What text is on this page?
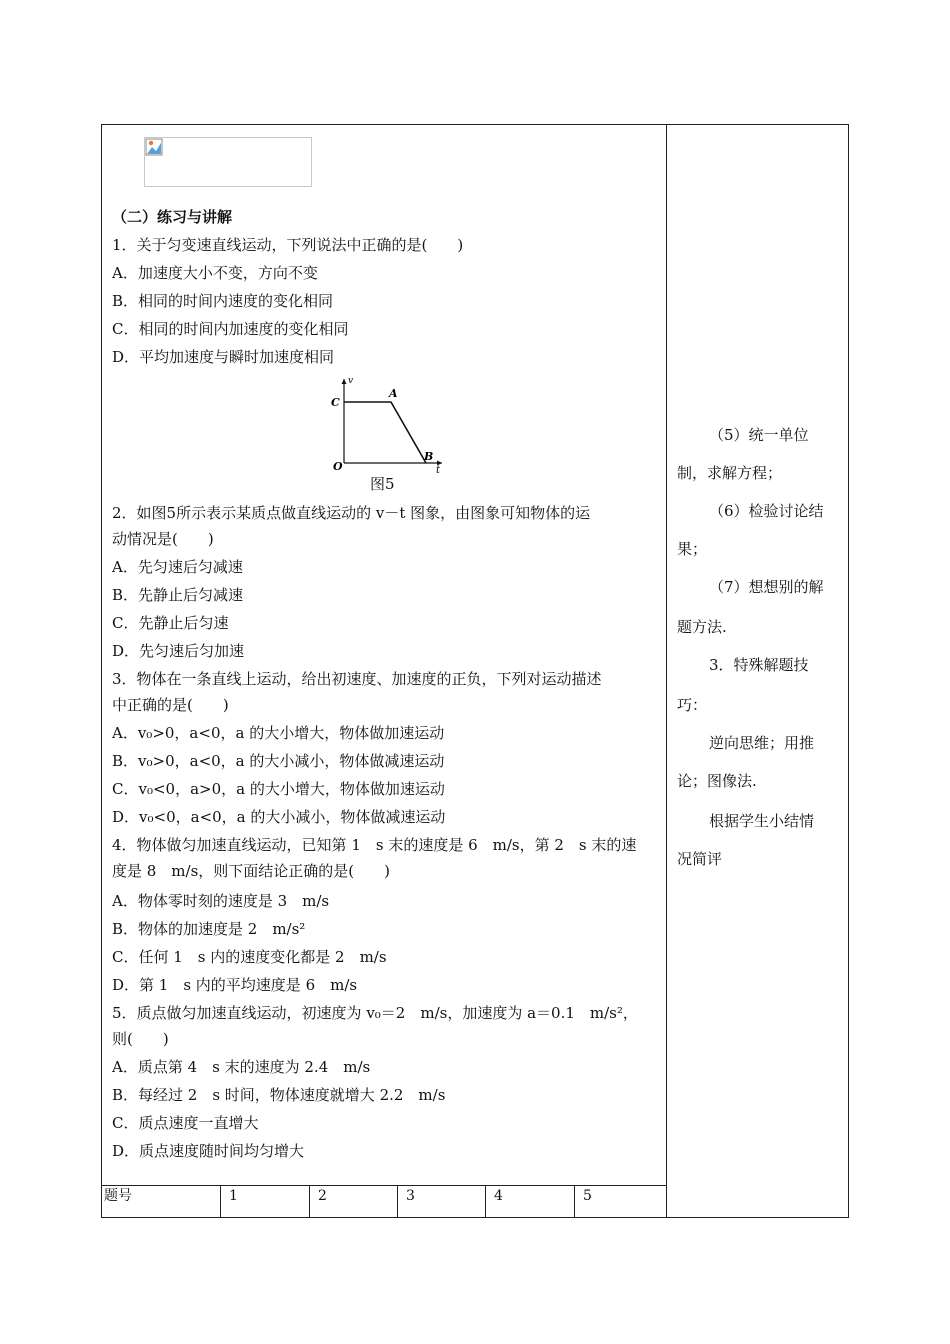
（二）练习与讲解
1．关于匀变速直线运动，下列说法中正确的是(　　)
A．加速度大小不变，方向不变
B．相同的时间内速度的变化相同
C．相同的时间内加速度的变化相同
D．平均加速度与瞬时加速度相同
v
C
A
O
B
t
图5
2．如图5所示表示某质点做直线运动的 v－t 图象，由图象可知物体的运
动情况是(　　)
A．先匀速后匀减速
B．先静止后匀减速
C．先静止后匀速
D．先匀速后匀加速
3．物体在一条直线上运动，给出初速度、加速度的正负，下列对运动描述
中正确的是(　　)
A．v₀>0，a<0，a 的大小增大，物体做加速运动
B．v₀>0，a<0，a 的大小减小，物体做减速运动
C．v₀<0，a>0，a 的大小增大，物体做加速运动
D．v₀<0，a<0，a 的大小减小，物体做减速运动
4．物体做匀加速直线运动，已知第 1　s 末的速度是 6　m/s，第 2　s 末的速
度是 8　m/s，则下面结论正确的是(　　)
A．物体零时刻的速度是 3　m/s
B．物体的加速度是 2　m/s²
C．任何 1　s 内的速度变化都是 2　m/s
D．第 1　s 内的平均速度是 6　m/s
5．质点做匀加速直线运动，初速度为 v₀＝2　m/s，加速度为 a＝0.1　m/s²，
则(　　)
A．质点第 4　s 末的速度为 2.4　m/s
B．每经过 2　s 时间，物体速度就增大 2.2　m/s
C．质点速度一直增大
D．质点速度随时间均匀增大
题号	1	2	3	4	5
（5）统一单位
制，求解方程；
（6）检验讨论结
果；
（7）想想别的解
题方法.
3．特殊解题技
巧：
逆向思维；用推
论；图像法.
根据学生小结情
况简评
